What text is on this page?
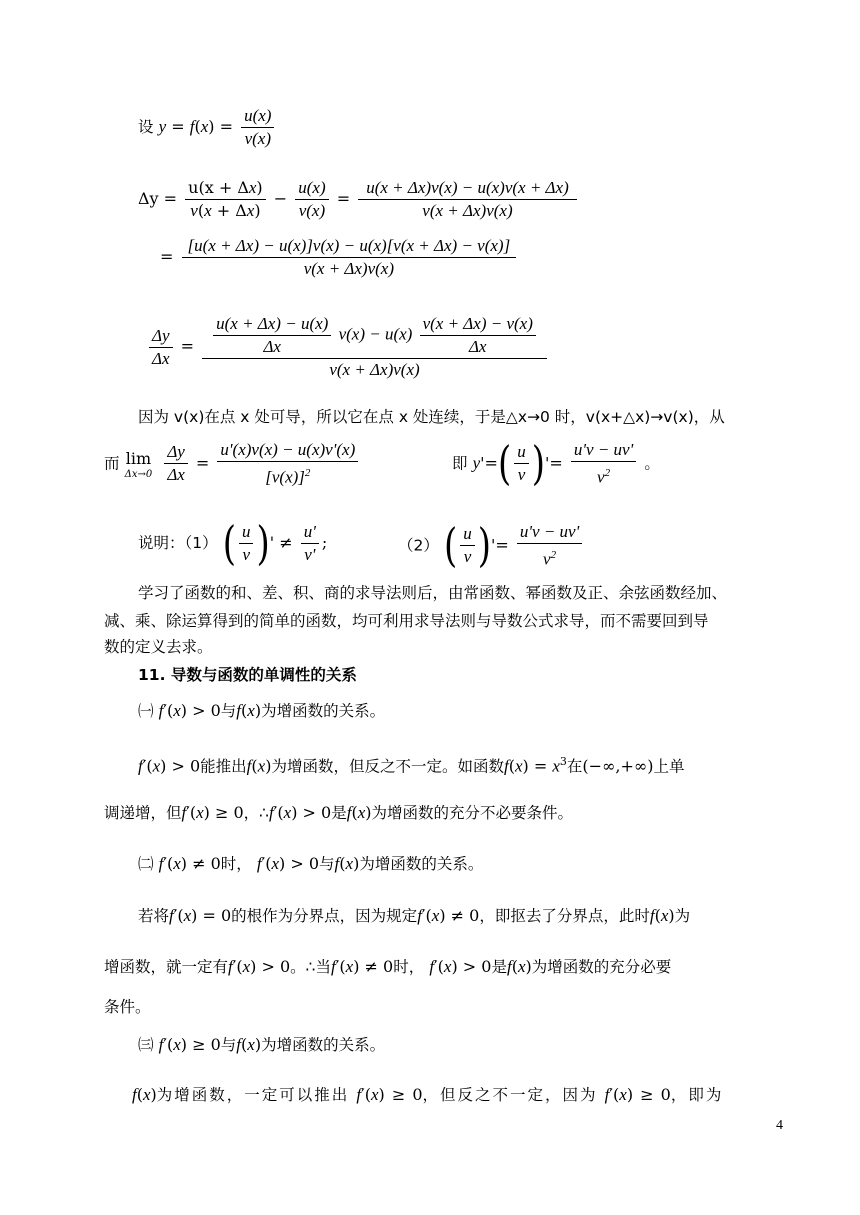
设 $y = f(x) = \frac{u(x)}{v(x)}$
$\Delta y = \frac{u(x + \Delta x)}{v(x + \Delta x)} - \frac{u(x)}{v(x)} = \frac{u(x + \Delta x)v(x) - u(x)v(x + \Delta x)}{v(x + \Delta x)v(x)}$
= $\frac{[u(x + \Delta x) - u(x)]v(x) - u(x)[v(x + \Delta x) - v(x)]}{v(x + \Delta x)v(x)}$
$\frac{\Delta y}{\Delta x} = \frac{u(x + \Delta x) - u(x)}{\Delta x} v(x) - u(x) \frac{v(x + \Delta x) - v(x)}{\Delta x}$
v(x + Δx)v(x)
因为 v(x)在点 x 处可导，所以它在点 x 处连续，于是△x→0 时，v(x+△x)→v(x)，从
而 lim
Δx→0
$\frac{\Delta y}{\Delta x} = \frac{u'(x)v(x) - u(x)v'(x)}{[v(x)]^2}$	即 $y'=( \frac{u}{v}$ )'= $\frac{u'v - uv'}{v^2}$ 。
说明：（1） ( $\frac{u}{v}$ )' ≠ $\frac{u'}{v'}$ ;	（2） ( $\frac{u}{v}$ )'= $\frac{u'v - uv'}{v^2}$
学习了函数的和、差、积、商的求导法则后，由常函数、幂函数及正、余弦函数经加、
减、乘、除运算得到的简单的函数，均可利用求导法则与导数公式求导，而不需要回到导
数的定义去求。
11. 导数与函数的单调性的关系
㈠ f′(x) > 0与f(x)为增函数的关系。
f′(x) > 0能推出f(x)为增函数，但反之不一定。如函数$f(x) = x^3$在(−∞,+∞)上单
调递增，但f′(x) ≥ 0，∴f′(x) > 0是f(x)为增函数的充分不必要条件。
㈡ f′(x) ≠ 0时， f′(x) > 0与f(x)为增函数的关系。
若将f′(x) = 0的根作为分界点，因为规定f′(x) ≠ 0，即抠去了分界点，此时f(x)为
增函数，就一定有f′(x) > 0。∴当f′(x) ≠ 0时， f′(x) > 0是f(x)为增函数的充分必要
条件。
㈢ f′(x) ≥ 0与f(x)为增函数的关系。
f(x)为增函数，一定可以推出 f′(x) ≥ 0，但反之不一定，因为 f′(x) ≥ 0，即为
4
